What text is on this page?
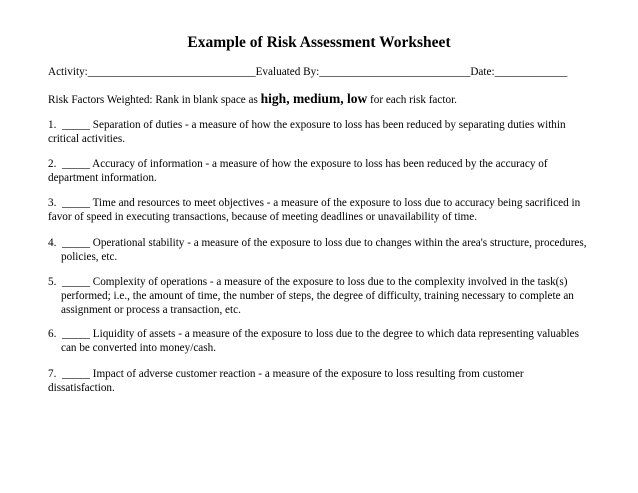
Example of Risk Assessment Worksheet
Activity:______________________________Evaluated By:___________________________Date:_____________
Risk Factors Weighted: Rank in blank space as high, medium, low for each risk factor.
1. _____ Separation of duties - a measure of how the exposure to loss has been reduced by separating duties within
critical activities.
2. _____ Accuracy of information - a measure of how the exposure to loss has been reduced by the accuracy of
department information.
3. _____ Time and resources to meet objectives - a measure of the exposure to loss due to accuracy being sacrificed in
favor of speed in executing transactions, because of meeting deadlines or unavailability of time.
4. _____ Operational stability - a measure of the exposure to loss due to changes within the area's structure, procedures,
policies, etc.
5. _____ Complexity of operations - a measure of the exposure to loss due to the complexity involved in the task(s)
performed; i.e., the amount of time, the number of steps, the degree of difficulty, training necessary to complete an
assignment or process a transaction, etc.
6. _____ Liquidity of assets - a measure of the exposure to loss due to the degree to which data representing valuables
can be converted into money/cash.
7. _____ Impact of adverse customer reaction - a measure of the exposure to loss resulting from customer
dissatisfaction.
